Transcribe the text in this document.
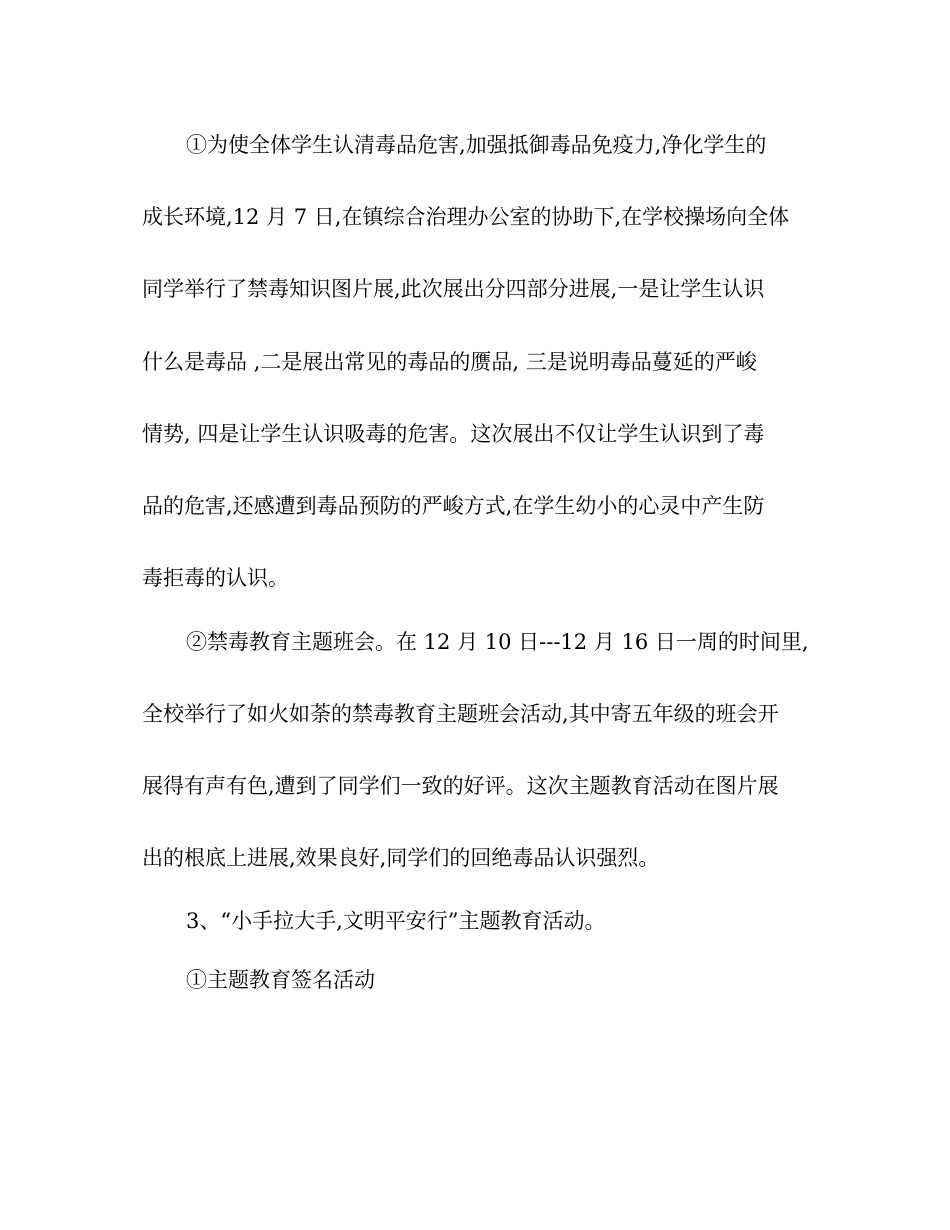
①为使全体学生认清毒品危害,加强抵御毒品免疫力,净化学生的
成长环境,12 月 7 日,在镇综合治理办公室的协助下,在学校操场向全体
同学举行了禁毒知识图片展,此次展出分四部分进展,一是让学生认识
什么是毒品 ,二是展出常见的毒品的赝品, 三是说明毒品蔓延的严峻
情势, 四是让学生认识吸毒的危害。这次展出不仅让学生认识到了毒
品的危害,还感遭到毒品预防的严峻方式,在学生幼小的心灵中产生防
毒拒毒的认识。
②禁毒教育主题班会。在 12 月 10 日---12 月 16 日一周的时间里,
全校举行了如火如荼的禁毒教育主题班会活动,其中寄五年级的班会开
展得有声有色,遭到了同学们一致的好评。这次主题教育活动在图片展
出的根底上进展,效果良好,同学们的回绝毒品认识强烈。
3、“小手拉大手,文明平安行”主题教育活动。
①主题教育签名活动
